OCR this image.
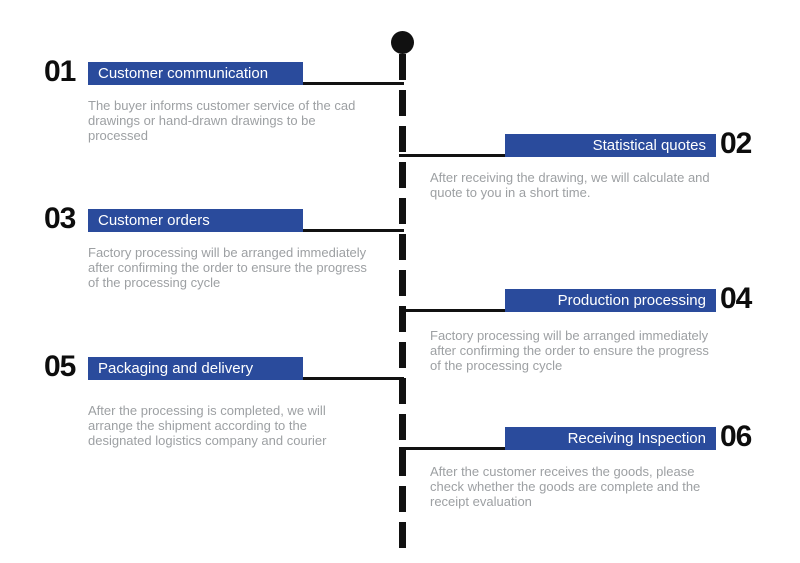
01	Customer communication
The buyer informs customer service of the cad drawings or hand-drawn drawings to be processed	02
Statistical quotes
After receiving the drawing, we will calculate and quote to you in a short time.
03	Customer orders
Factory processing will be arranged immediately after confirming the order to ensure the progress of the processing cycle	04
Production processing
Factory processing will be arranged immediately after confirming the order to ensure the progress of the processing cycle
05	Packaging and delivery
After the processing is completed, we will arrange the shipment according to the designated logistics company and courier	06
Receiving Inspection
After the customer receives the goods, please check whether the goods are complete and the receipt evaluation
